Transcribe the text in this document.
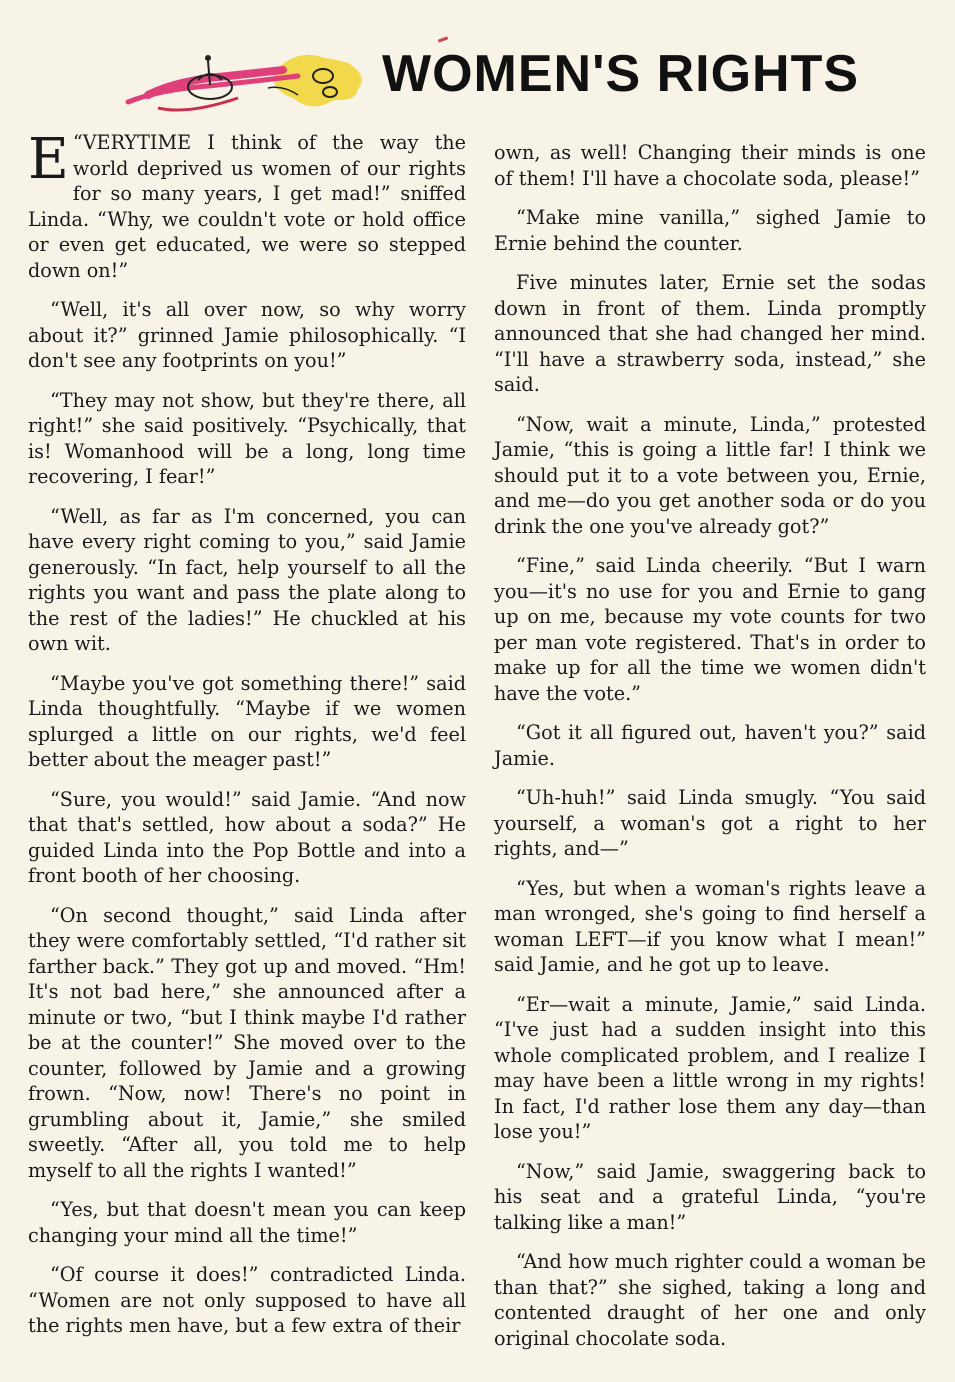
WOMEN'S RIGHTS

“
E VERYTIME I think of the way the world deprived us women of our rights for so many years, I get mad!” sniffed Linda. “Why, we couldn't vote or hold office or even get educated, we were so stepped down on!”

“Well, it's all over now, so why worry about it?” grinned Jamie philosophically. “I don't see any footprints on you!”

“They may not show, but they're there, all right!” she said positively. “Psychically, that is! Womanhood will be a long, long time recovering, I fear!”

“Well, as far as I'm concerned, you can have every right coming to you,” said Jamie generously. “In fact, help yourself to all the rights you want and pass the plate along to the rest of the ladies!” He chuckled at his own wit.

“Maybe you've got something there!” said Linda thoughtfully. “Maybe if we women splurged a little on our rights, we'd feel better about the meager past!”

“Sure, you would!” said Jamie. “And now that that's settled, how about a soda?” He guided Linda into the Pop Bottle and into a front booth of her choosing.

“On second thought,” said Linda after they were comfortably settled, “I'd rather sit farther back.” They got up and moved. “Hm! It's not bad here,” she announced after a minute or two, “but I think maybe I'd rather be at the counter!” She moved over to the counter, followed by Jamie and a growing frown. “Now, now! There's no point in grumbling about it, Jamie,” she smiled sweetly. “After all, you told me to help myself to all the rights I wanted!”

“Yes, but that doesn't mean you can keep changing your mind all the time!”

“Of course it does!” contradicted Linda. “Women are not only supposed to have all the rights men have, but a few extra of their

own, as well! Changing their minds is one of them! I'll have a chocolate soda, please!”

“Make mine vanilla,” sighed Jamie to Ernie behind the counter.

Five minutes later, Ernie set the sodas down in front of them. Linda promptly announced that she had changed her mind. “I'll have a strawberry soda, instead,” she said.

“Now, wait a minute, Linda,” protested Jamie, “this is going a little far! I think we should put it to a vote between you, Ernie, and me—do you get another soda or do you drink the one you've already got?”

“Fine,” said Linda cheerily. “But I warn you—it's no use for you and Ernie to gang up on me, because my vote counts for two per man vote registered. That's in order to make up for all the time we women didn't have the vote.”

“Got it all figured out, haven't you?” said Jamie.

“Uh-huh!” said Linda smugly. “You said yourself, a woman's got a right to her rights, and—”

“Yes, but when a woman's rights leave a man wronged, she's going to find herself a woman LEFT—if you know what I mean!” said Jamie, and he got up to leave.

“Er—wait a minute, Jamie,” said Linda. “I've just had a sudden insight into this whole complicated problem, and I realize I may have been a little wrong in my rights! In fact, I'd rather lose them any day—than lose you!”

“Now,” said Jamie, swaggering back to his seat and a grateful Linda, “you're talking like a man!”

“And how much righter could a woman be than that?” she sighed, taking a long and contented draught of her one and only original chocolate soda.
